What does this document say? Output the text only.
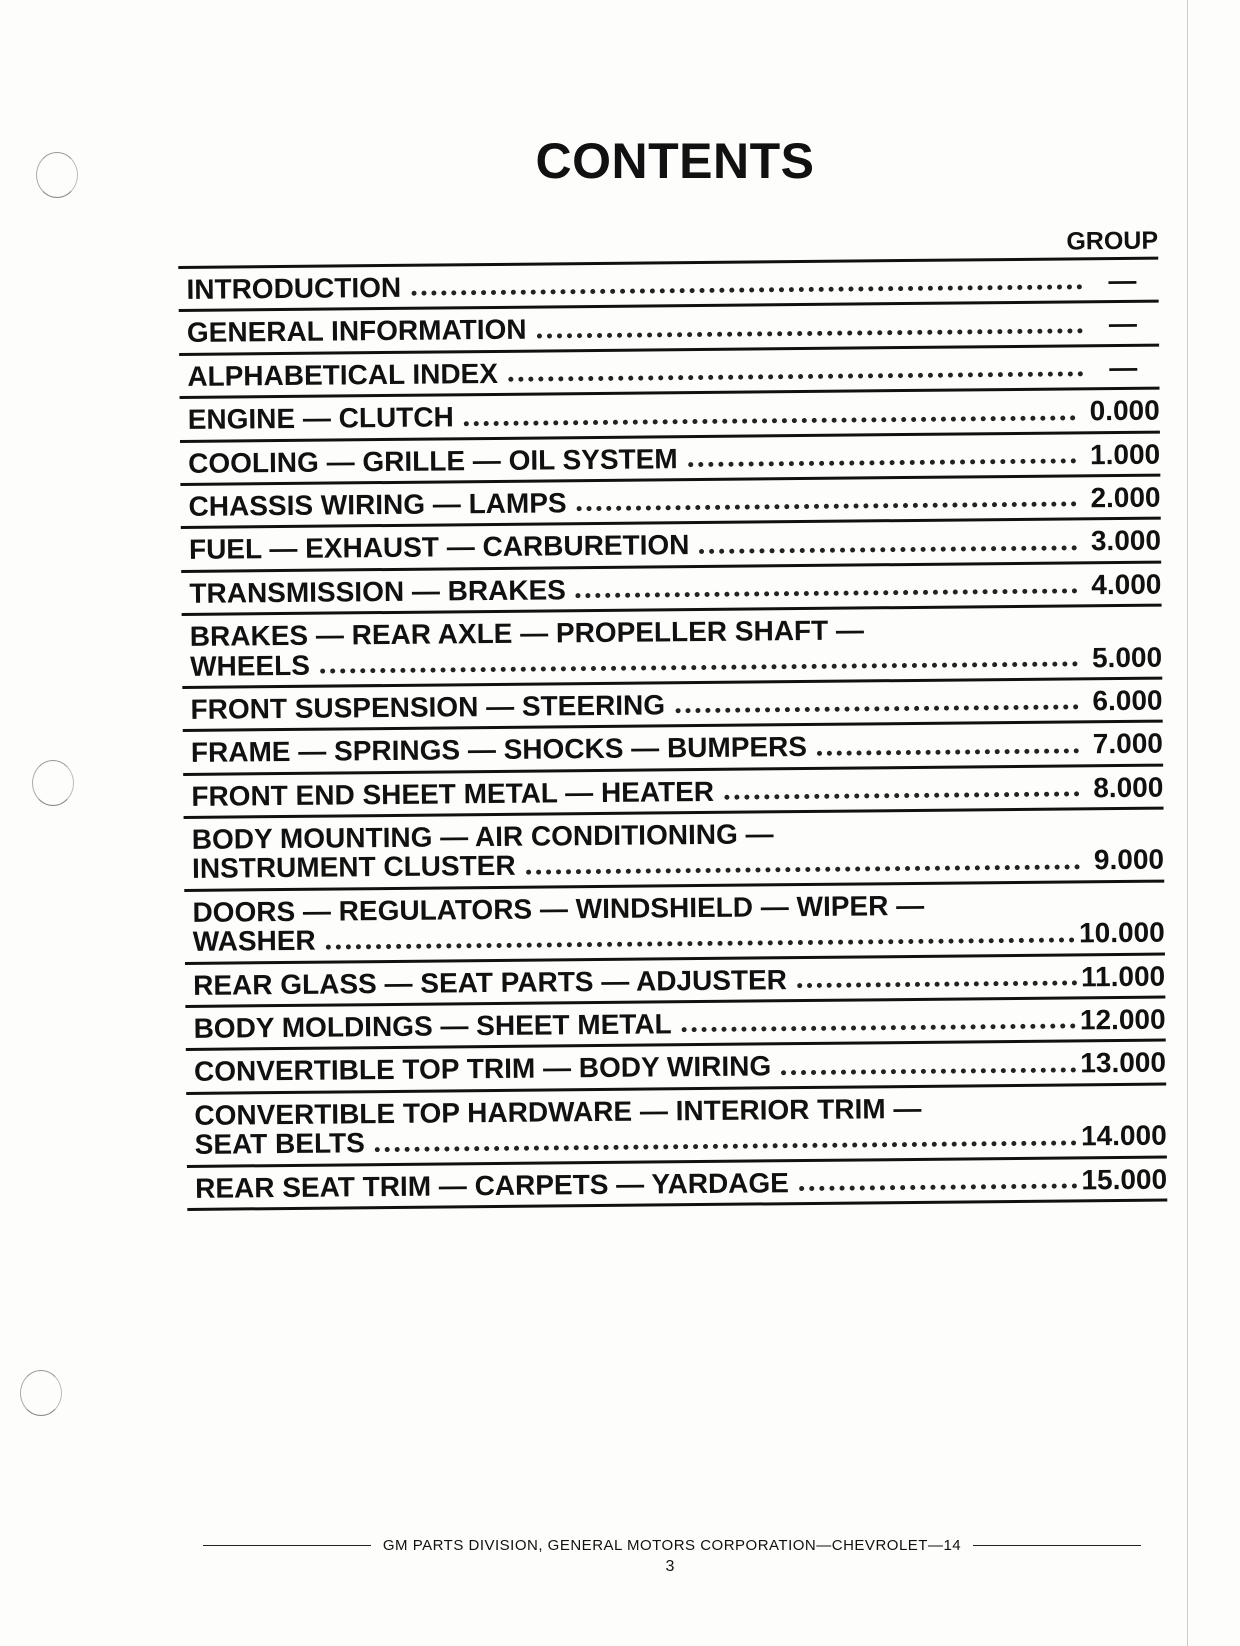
CONTENTS
GROUP
INTRODUCTION	—
GENERAL INFORMATION	—
ALPHABETICAL INDEX	—
ENGINE — CLUTCH	0.000
COOLING — GRILLE — OIL SYSTEM	1.000
CHASSIS WIRING — LAMPS	2.000
FUEL — EXHAUST — CARBURETION	3.000
TRANSMISSION — BRAKES	4.000
BRAKES — REAR AXLE — PROPELLER SHAFT —
WHEELS	5.000
FRONT SUSPENSION — STEERING	6.000
FRAME — SPRINGS — SHOCKS — BUMPERS	7.000
FRONT END SHEET METAL — HEATER	8.000
BODY MOUNTING — AIR CONDITIONING —
INSTRUMENT CLUSTER	9.000
DOORS — REGULATORS — WINDSHIELD — WIPER —
WASHER	10.000
REAR GLASS — SEAT PARTS — ADJUSTER	11.000
BODY MOLDINGS — SHEET METAL	12.000
CONVERTIBLE TOP TRIM — BODY WIRING	13.000
CONVERTIBLE TOP HARDWARE — INTERIOR TRIM —
SEAT BELTS	14.000
REAR SEAT TRIM — CARPETS — YARDAGE	15.000
GM PARTS DIVISION, GENERAL MOTORS CORPORATION—CHEVROLET—14
3
